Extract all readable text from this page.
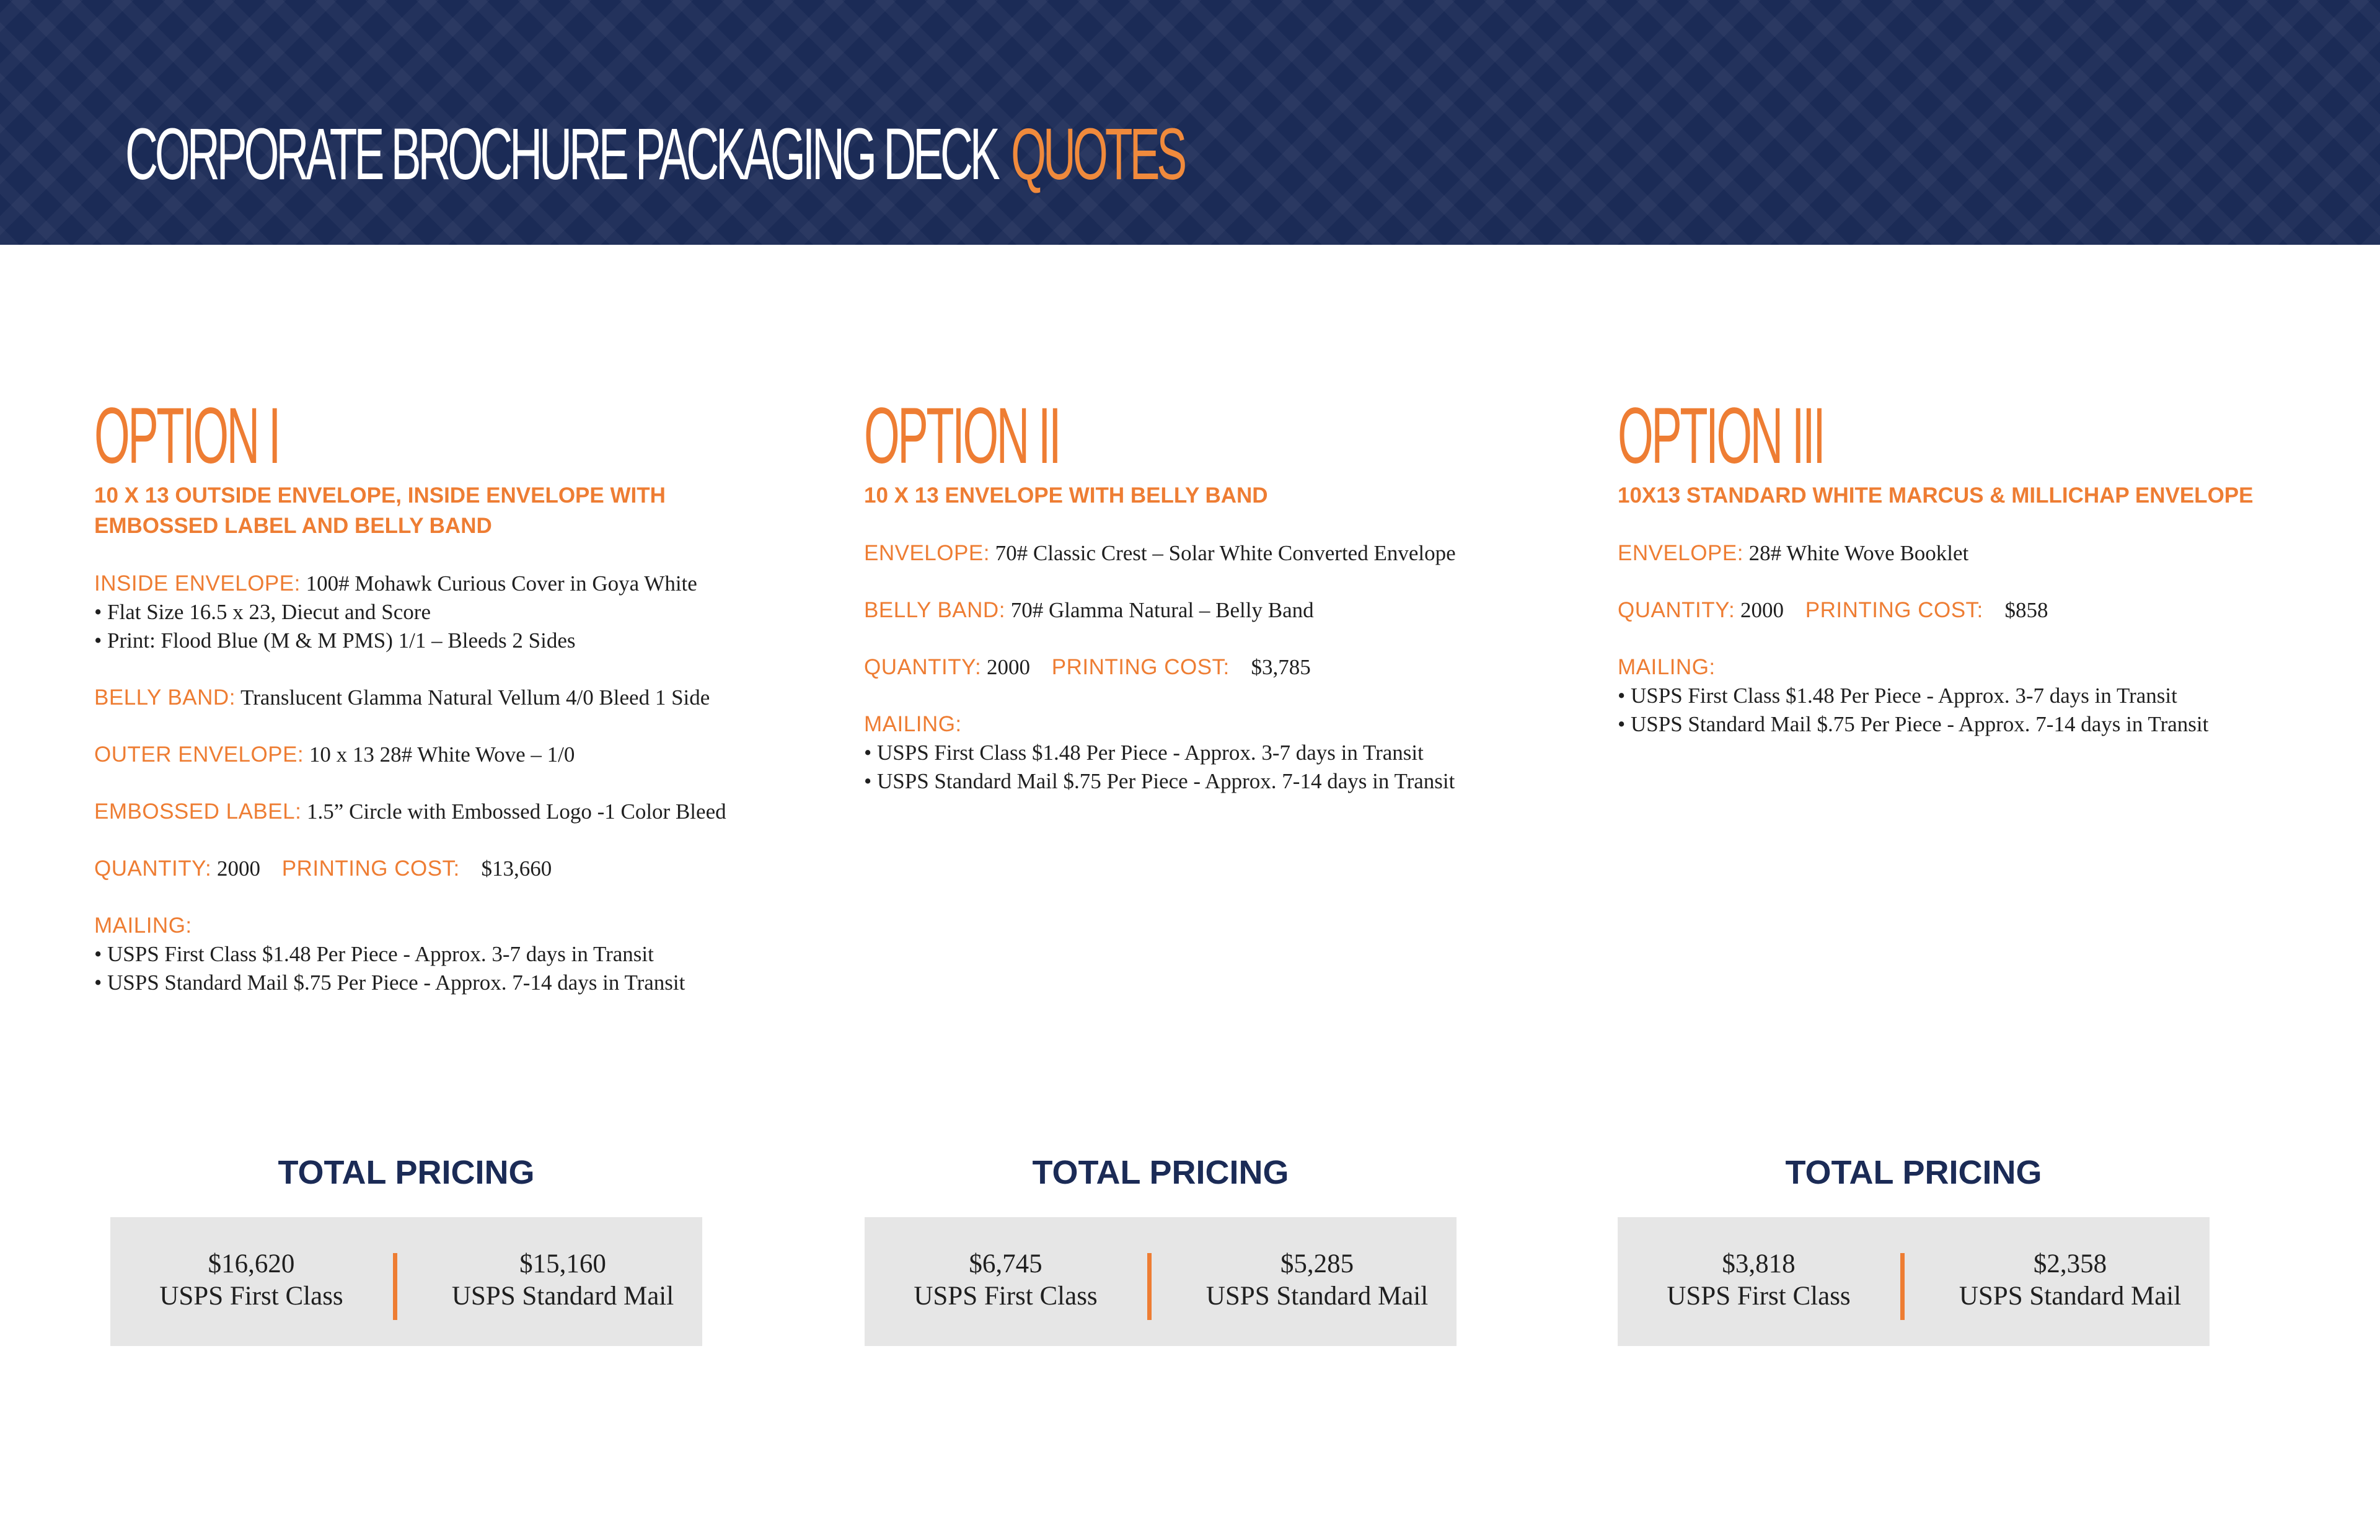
CORPORATE BROCHURE PACKAGING DECK QUOTES
OPTION I

10 X 13 OUTSIDE ENVELOPE, INSIDE ENVELOPE WITH EMBOSSED LABEL AND BELLY BAND

INSIDE ENVELOPE: 100# Mohawk Curious Cover in Goya White
• Flat Size 16.5 x 23, Diecut and Score
• Print: Flood Blue (M & M PMS) 1/1 – Bleeds 2 Sides
BELLY BAND: Translucent Glamma Natural Vellum 4/0 Bleed 1 Side
OUTER ENVELOPE: 10 x 13 28# White Wove – 1/0
EMBOSSED LABEL: 1.5” Circle with Embossed Logo -1 Color Bleed
QUANTITY: 2000 PRINTING COST: $13,660
MAILING:
• USPS First Class $1.48 Per Piece - Approx. 3-7 days in Transit
• USPS Standard Mail $.75 Per Piece - Approx. 7-14 days in Transit
OPTION II

10 X 13 ENVELOPE WITH BELLY BAND

ENVELOPE: 70# Classic Crest – Solar White Converted Envelope
BELLY BAND: 70# Glamma Natural – Belly Band
QUANTITY: 2000 PRINTING COST: $3,785
MAILING:
• USPS First Class $1.48 Per Piece - Approx. 3-7 days in Transit
• USPS Standard Mail $.75 Per Piece - Approx. 7-14 days in Transit
OPTION III

10X13 STANDARD WHITE MARCUS & MILLICHAP ENVELOPE

ENVELOPE: 28# White Wove Booklet
QUANTITY: 2000 PRINTING COST: $858
MAILING:
• USPS First Class $1.48 Per Piece - Approx. 3-7 days in Transit
• USPS Standard Mail $.75 Per Piece - Approx. 7-14 days in Transit
TOTAL PRICING
$16,620
USPS First Class
$15,160
USPS Standard Mail
TOTAL PRICING
$6,745
USPS First Class
$5,285
USPS Standard Mail
TOTAL PRICING
$3,818
USPS First Class
$2,358
USPS Standard Mail
